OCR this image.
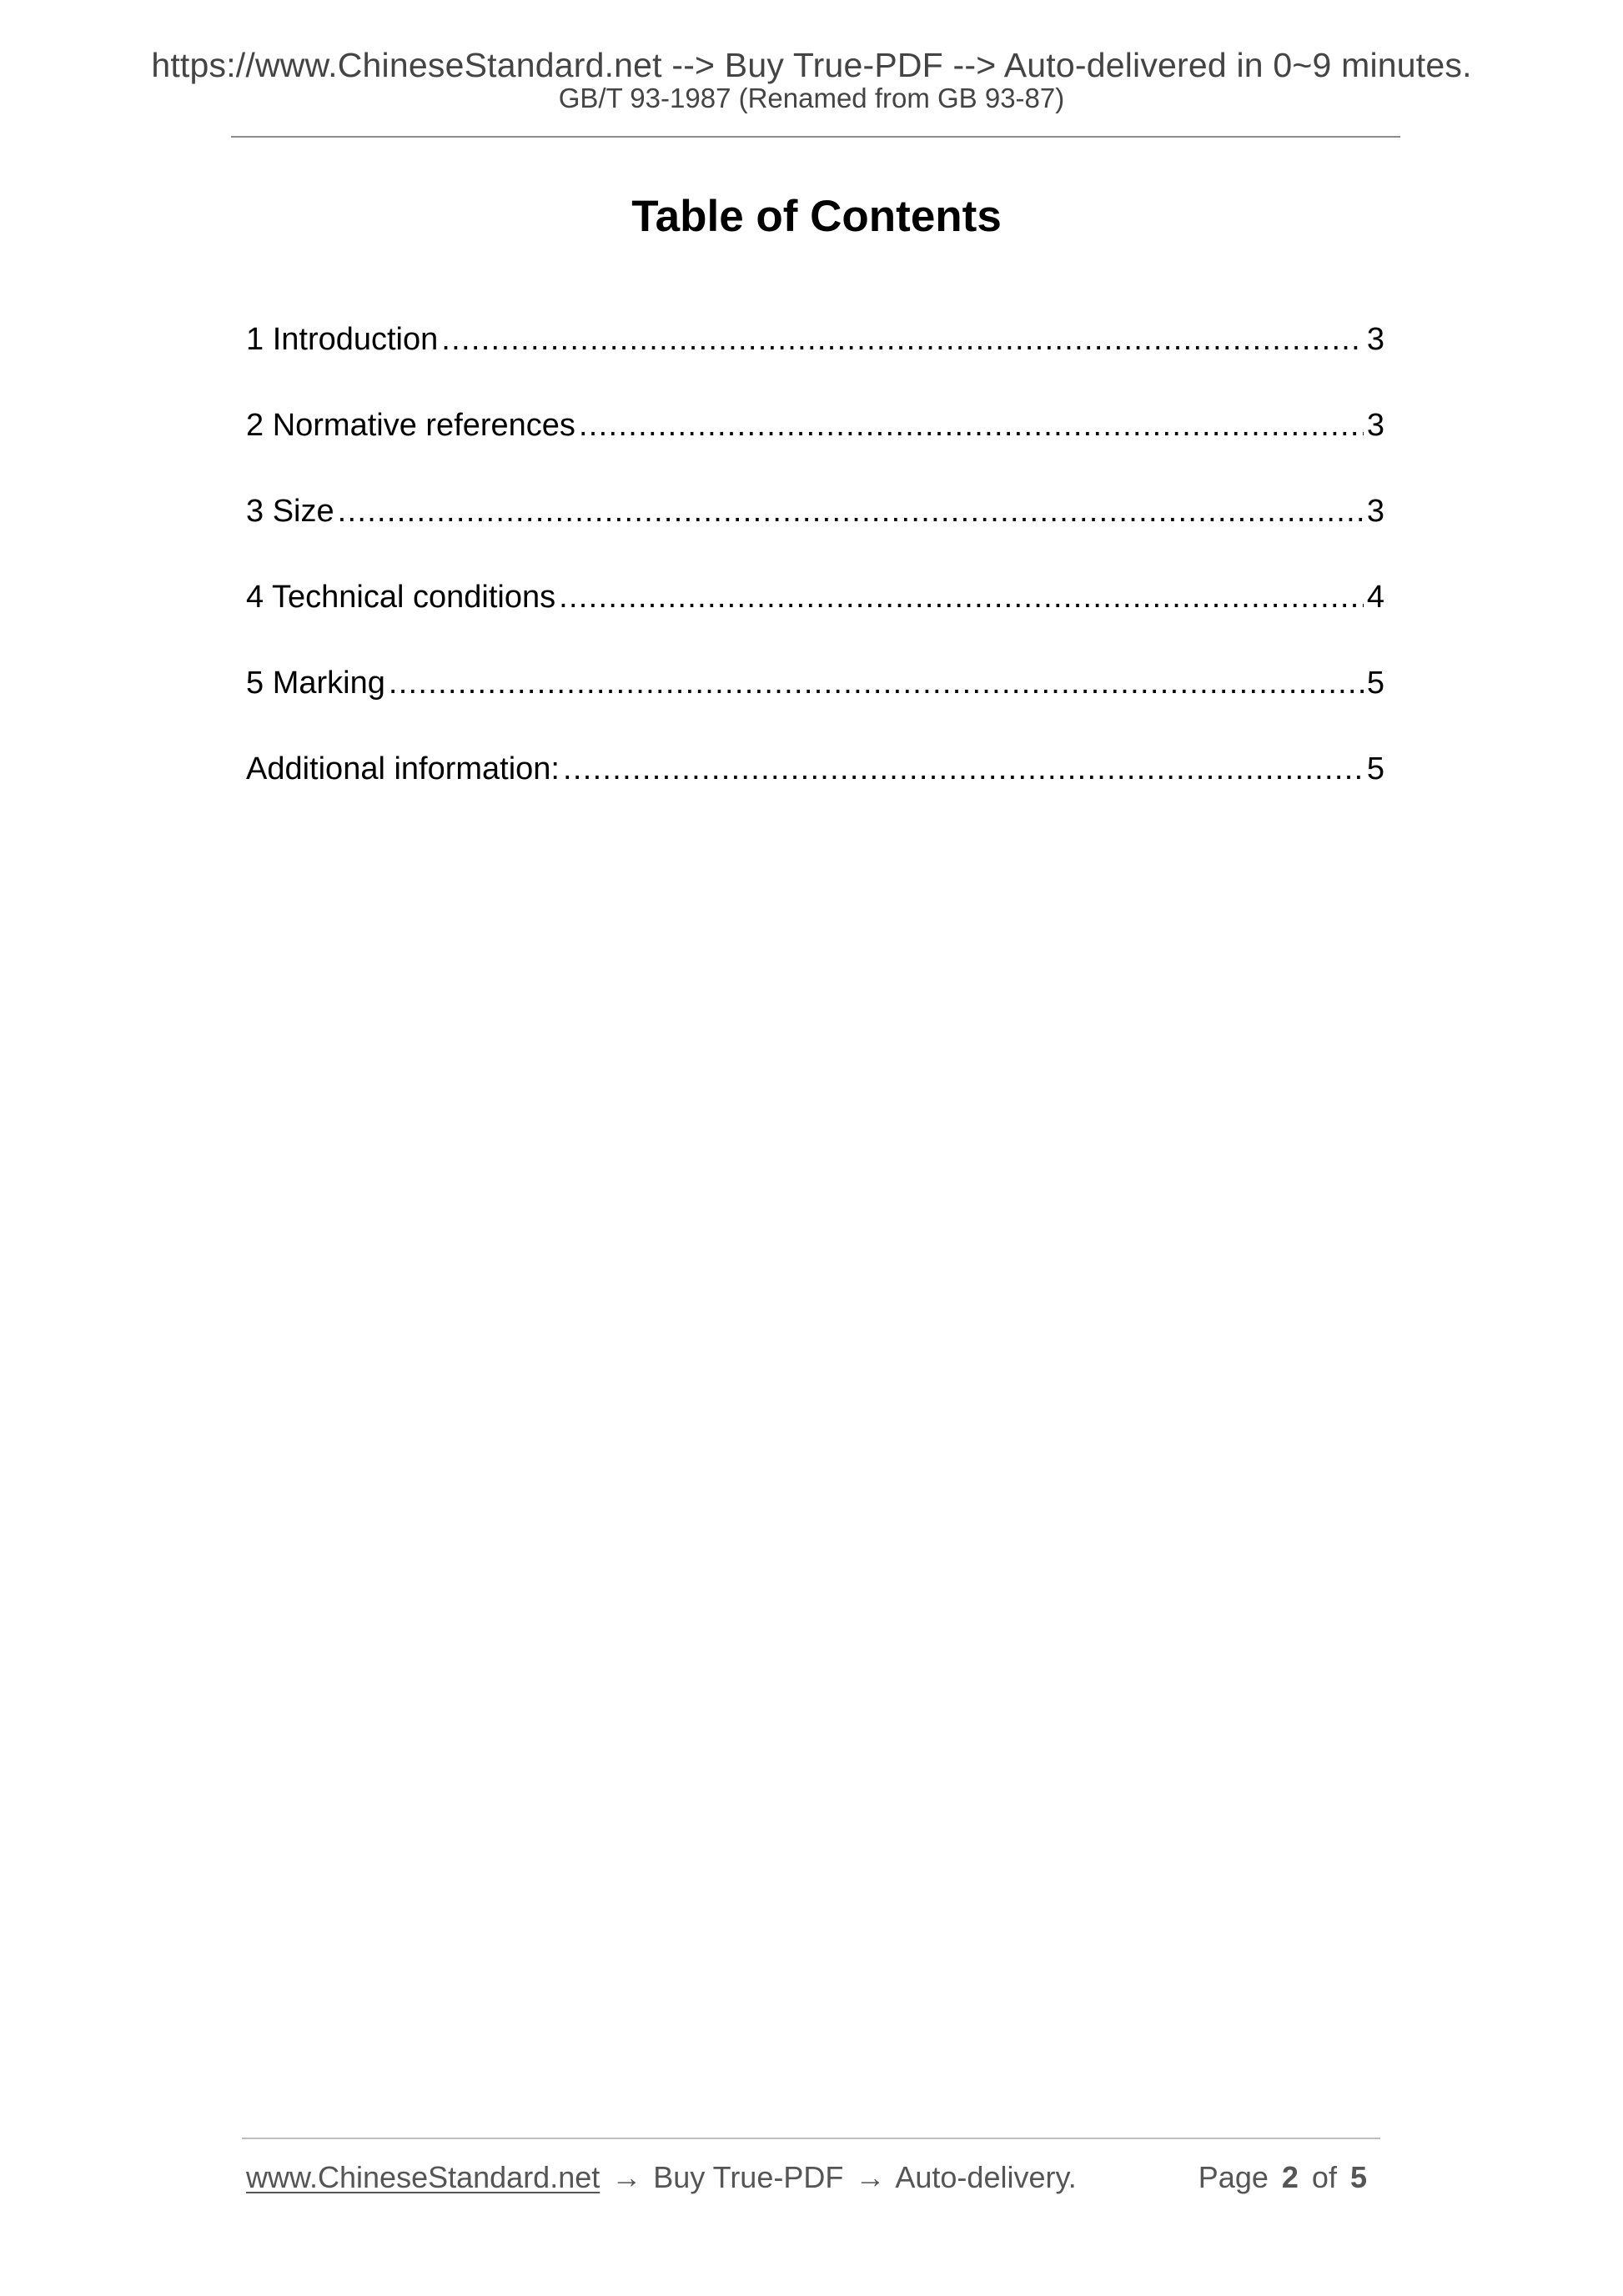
https://www.ChineseStandard.net --> Buy True-PDF --> Auto-delivered in 0~9 minutes.
GB/T 93-1987 (Renamed from GB 93-87)
Table of Contents
1 Introduction .....	3
2 Normative references .....	3
3 Size .....	3
4 Technical conditions .....	4
5 Marking .....	5
Additional information: .....	5
www.ChineseStandard.net → Buy True-PDF → Auto-delivery.	Page 2 of 5
